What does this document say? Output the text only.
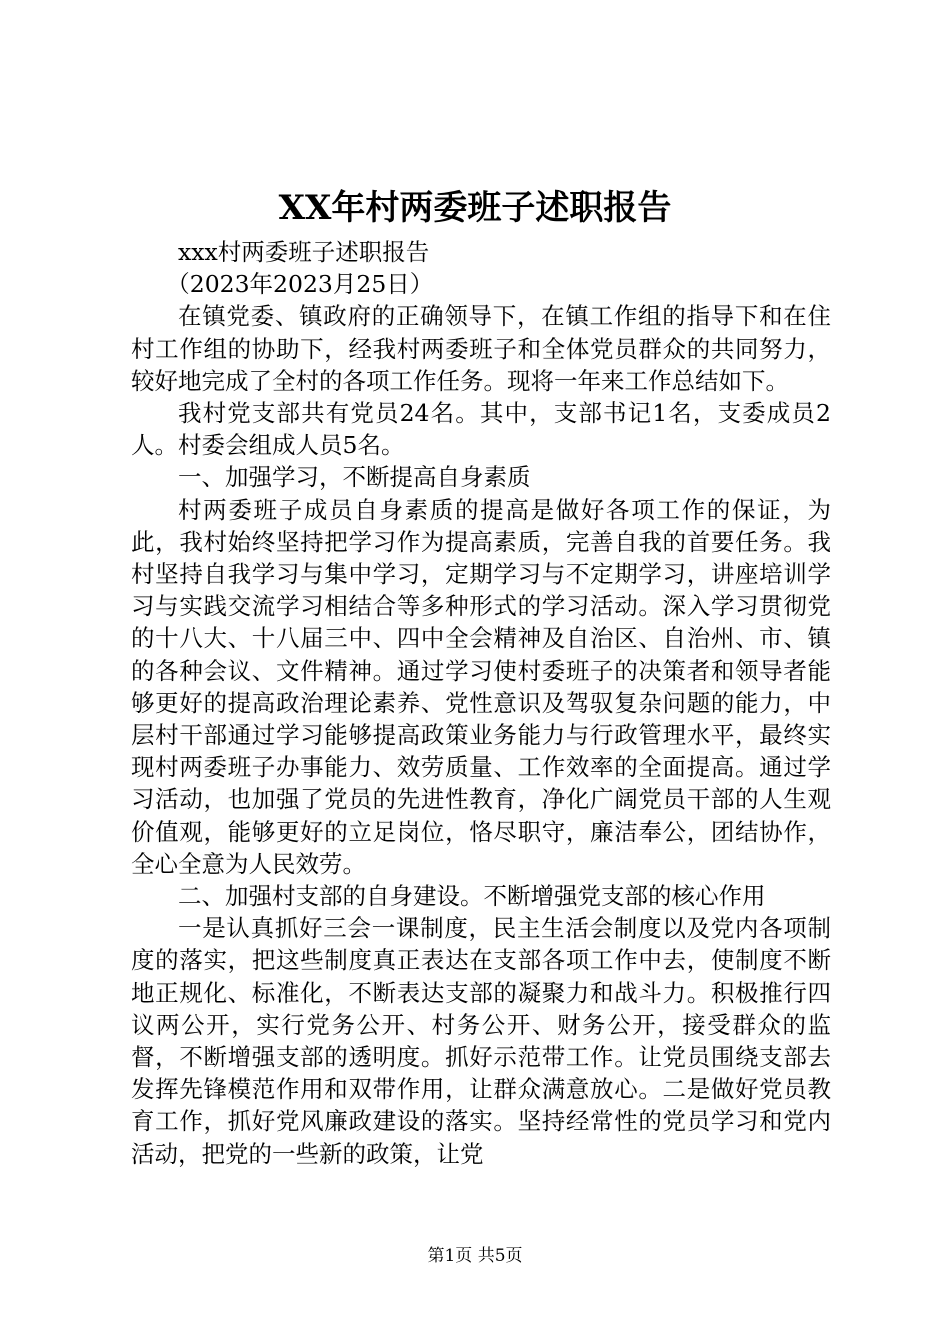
XX年村两委班子述职报告

xxx村两委班子述职报告

（2023年2023月25日）

在镇党委、镇政府的正确领导下，在镇工作组的指导下和在住村工作组的协助下，经我村两委班子和全体党员群众的共同努力，较好地完成了全村的各项工作任务。现将一年来工作总结如下。

我村党支部共有党员24名。其中，支部书记1名，支委成员2人。村委会组成人员5名。

一、加强学习，不断提高自身素质

村两委班子成员自身素质的提高是做好各项工作的保证，为此，我村始终坚持把学习作为提高素质，完善自我的首要任务。我村坚持自我学习与集中学习，定期学习与不定期学习，讲座培训学习与实践交流学习相结合等多种形式的学习活动。深入学习贯彻党的十八大、十八届三中、四中全会精神及自治区、自治州、市、镇的各种会议、文件精神。通过学习使村委班子的决策者和领导者能够更好的提高政治理论素养、党性意识及驾驭复杂问题的能力，中层村干部通过学习能够提高政策业务能力与行政管理水平，最终实现村两委班子办事能力、效劳质量、工作效率的全面提高。通过学习活动，也加强了党员的先进性教育，净化广阔党员干部的人生观价值观，能够更好的立足岗位，恪尽职守，廉洁奉公，团结协作，全心全意为人民效劳。

二、加强村支部的自身建设。不断增强党支部的核心作用

一是认真抓好三会一课制度，民主生活会制度以及党内各项制度的落实，把这些制度真正表达在支部各项工作中去，使制度不断地正规化、标准化，不断表达支部的凝聚力和战斗力。积极推行四议两公开，实行党务公开、村务公开、财务公开，接受群众的监督，不断增强支部的透明度。抓好示范带工作。让党员围绕支部去发挥先锋模范作用和双带作用，让群众满意放心。二是做好党员教育工作，抓好党风廉政建设的落实。坚持经常性的党员学习和党内活动，把党的一些新的政策，让党

第1页 共5页
